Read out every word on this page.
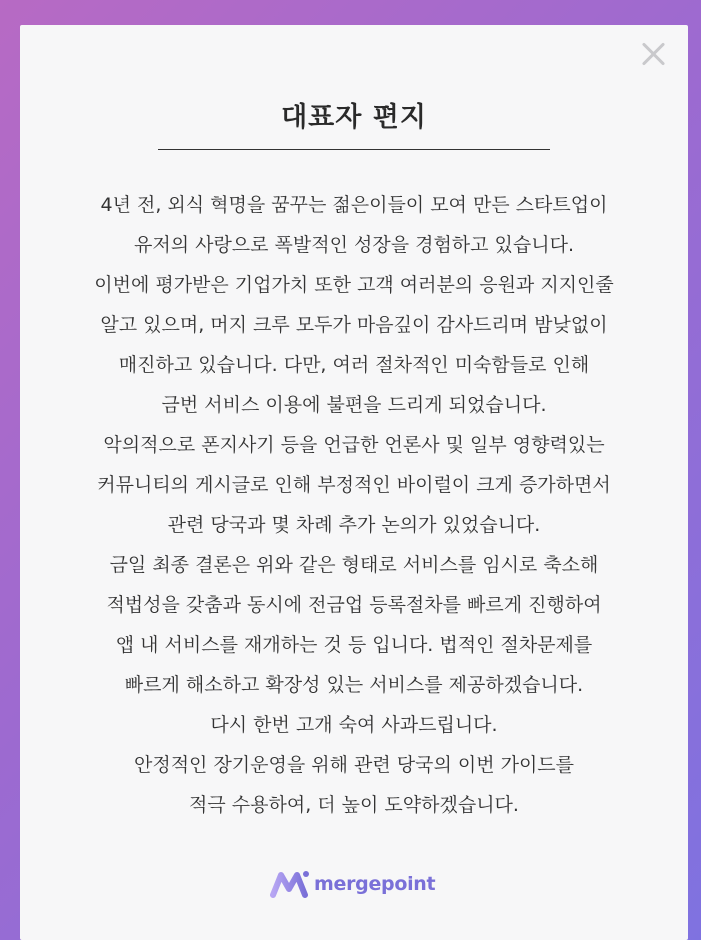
대표자 편지
4년 전, 외식 혁명을 꿈꾸는 젊은이들이 모여 만든 스타트업이
유저의 사랑으로 폭발적인 성장을 경험하고 있습니다.
이번에 평가받은 기업가치 또한 고객 여러분의 응원과 지지인줄
알고 있으며, 머지 크루 모두가 마음깊이 감사드리며 밤낮없이
매진하고 있습니다. 다만, 여러 절차적인 미숙함들로 인해
금번 서비스 이용에 불편을 드리게 되었습니다.
악의적으로 폰지사기 등을 언급한 언론사 및 일부 영향력있는
커뮤니티의 게시글로 인해 부정적인 바이럴이 크게 증가하면서
관련 당국과 몇 차례 추가 논의가 있었습니다.
금일 최종 결론은 위와 같은 형태로 서비스를 임시로 축소해
적법성을 갖춤과 동시에 전금업 등록절차를 빠르게 진행하여
앱 내 서비스를 재개하는 것 등 입니다. 법적인 절차문제를
빠르게 해소하고 확장성 있는 서비스를 제공하겠습니다.
다시 한번 고개 숙여 사과드립니다.
안정적인 장기운영을 위해 관련 당국의 이번 가이드를
적극 수용하여, 더 높이 도약하겠습니다.
mergepoint
